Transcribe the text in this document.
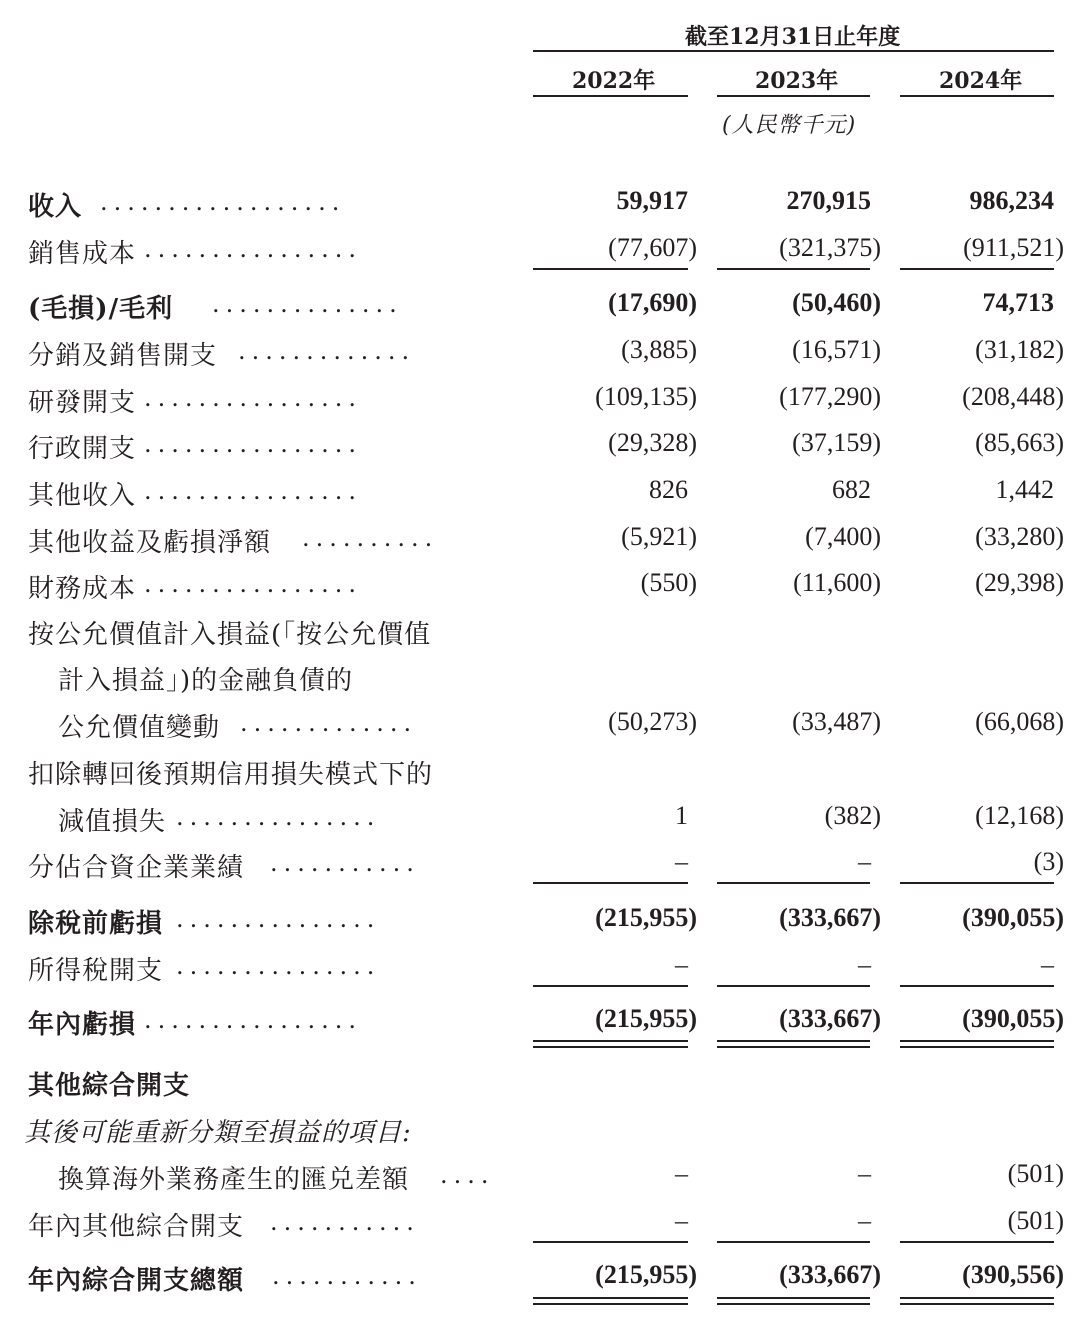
截至12月31日止年度
2022年	2023年	2024年
(人民幣千元)
收入 ..................	59,917	270,915	986,234
銷售成本 ................	(77,607)	(321,375)	(911,521)
(毛損)/毛利 ..............	(17,690)	(50,460)	74,713
分銷及銷售開支 .............	(3,885)	(16,571)	(31,182)
研發開支 ................	(109,135)	(177,290)	(208,448)
行政開支 ................	(29,328)	(37,159)	(85,663)
其他收入 ................	826	682	1,442
其他收益及虧損淨額 ..........	(5,921)	(7,400)	(33,280)
財務成本 ................	(550)	(11,600)	(29,398)
按公允價值計入損益(「按公允價值
計入損益」)的金融負債的
公允價值變動 .............	(50,273)	(33,487)	(66,068)
扣除轉回後預期信用損失模式下的
減值損失 ...............	1	(382)	(12,168)
分佔合資企業業績 ...........	–	–	(3)
除稅前虧損 ...............	(215,955)	(333,667)	(390,055)
所得稅開支 ...............	–	–	–
年內虧損 ................	(215,955)	(333,667)	(390,055)
其他綜合開支
其後可能重新分類至損益的項目:
換算海外業務產生的匯兑差額 ....	–	–	(501)
年內其他綜合開支 ...........	–	–	(501)
年內綜合開支總額 ...........	(215,955)	(333,667)	(390,556)
